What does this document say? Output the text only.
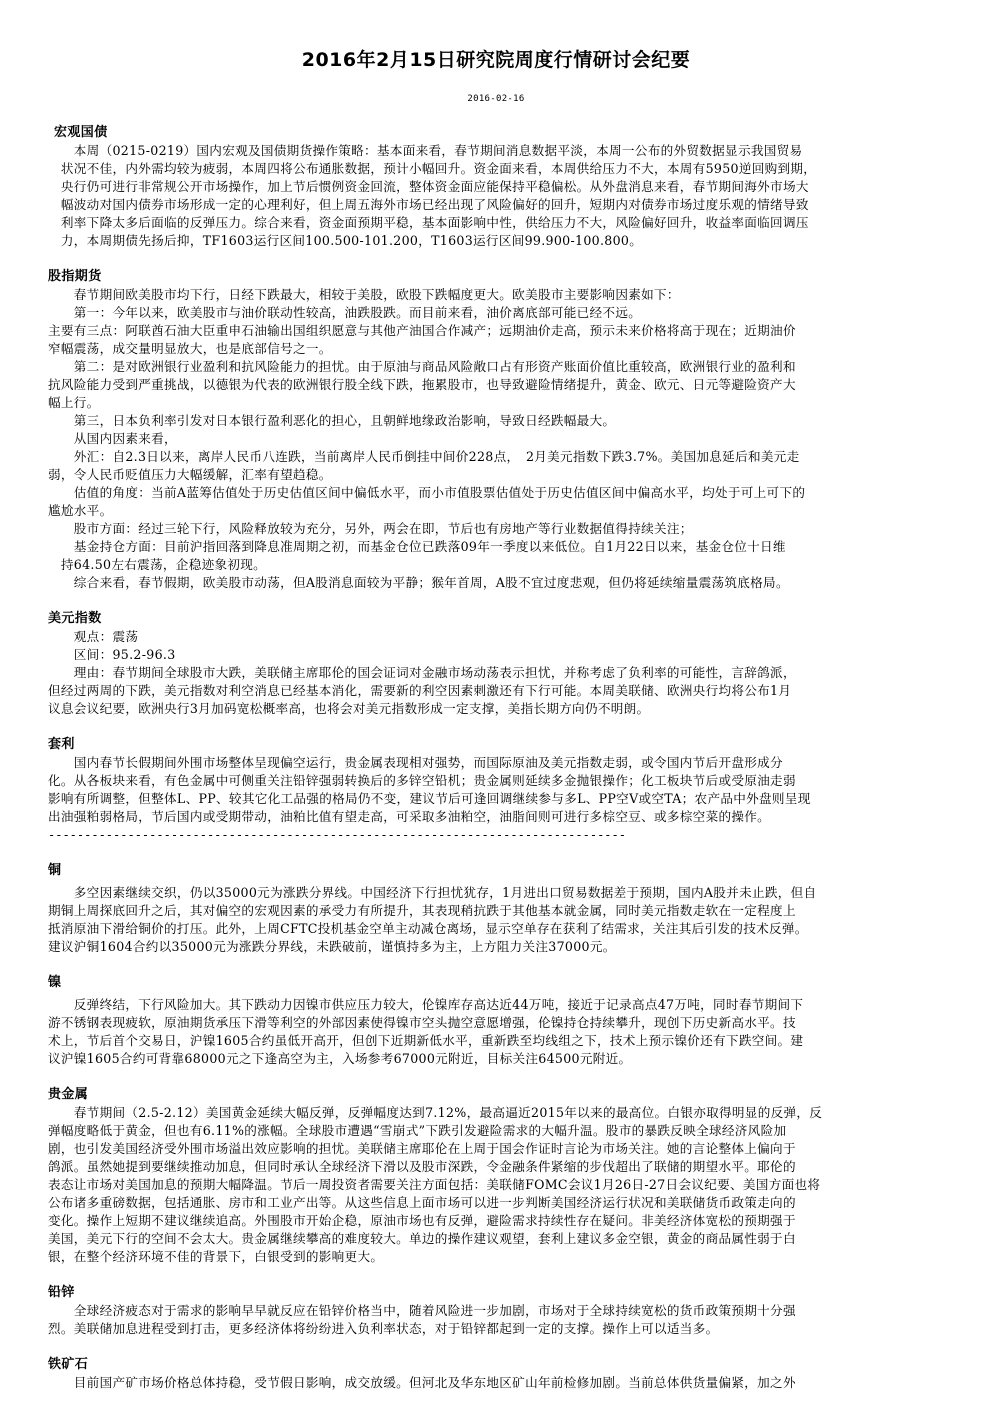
2016年2月15日研究院周度行情研讨会纪要
2016-02-16
宏观国债
　　本周（0215-0219）国内宏观及国债期货操作策略：基本面来看，春节期间消息数据平淡，本周一公布的外贸数据显示我国贸易
　状况不佳，内外需均较为疲弱，本周四将公布通胀数据，预计小幅回升。资金面来看，本周供给压力不大，本周有5950逆回购到期，
　央行仍可进行非常规公开市场操作，加上节后惯例资金回流，整体资金面应能保持平稳偏松。从外盘消息来看，春节期间海外市场大
　幅波动对国内债券市场形成一定的心理利好，但上周五海外市场已经出现了风险偏好的回升，短期内对债券市场过度乐观的情绪导致
　利率下降太多后面临的反弹压力。综合来看，资金面预期平稳，基本面影响中性，供给压力不大，风险偏好回升，收益率面临回调压
　力，本周期债先扬后抑，TF1603运行区间100.500-101.200，T1603运行区间99.900-100.800。
股指期货
　　春节期间欧美股市均下行，日经下跌最大，相较于美股，欧股下跌幅度更大。欧美股市主要影响因素如下：
　　第一：今年以来，欧美股市与油价联动性较高，油跌股跌。而目前来看，油价离底部可能已经不远。
主要有三点：阿联酋石油大臣重申石油输出国组织愿意与其他产油国合作减产；远期油价走高，预示未来价格将高于现在；近期油价
窄幅震荡，成交量明显放大，也是底部信号之一。
　　第二：是对欧洲银行业盈利和抗风险能力的担忧。由于原油与商品风险敞口占有形资产账面价值比重较高，欧洲银行业的盈利和
抗风险能力受到严重挑战，以德银为代表的欧洲银行股全线下跌，拖累股市，也导致避险情绪提升，黄金、欧元、日元等避险资产大
幅上行。
　　第三，日本负利率引发对日本银行盈利恶化的担心，且朝鲜地缘政治影响，导致日经跌幅最大。
　　从国内因素来看，
　　外汇：自2.3日以来，离岸人民币八连跌，当前离岸人民币倒挂中间价228点，　2月美元指数下跌3.7%。美国加息延后和美元走
弱，令人民币贬值压力大幅缓解，汇率有望趋稳。
　　估值的角度：当前A蓝筹估值处于历史估值区间中偏低水平，而小市值股票估值处于历史估值区间中偏高水平，均处于可上可下的
尴尬水平。
　　股市方面：经过三轮下行，风险释放较为充分，另外，两会在即，节后也有房地产等行业数据值得持续关注；
　　基金持仓方面：目前沪指回落到降息准周期之初，而基金仓位已跌落09年一季度以来低位。自1月22日以来，基金仓位十日维
　持64.50左右震荡，企稳迹象初现。
　　综合来看，春节假期，欧美股市动荡，但A股消息面较为平静；猴年首周，A股不宜过度悲观，但仍将延续缩量震荡筑底格局。
美元指数
　　观点：震荡
　　区间：95.2-96.3
　　理由：春节期间全球股市大跌，美联储主席耶伦的国会证词对金融市场动荡表示担忧，并称考虑了负利率的可能性，言辞鸽派，
但经过两周的下跌，美元指数对利空消息已经基本消化，需要新的利空因素刺激还有下行可能。本周美联储、欧洲央行均将公布1月
议息会议纪要，欧洲央行3月加码宽松概率高，也将会对美元指数形成一定支撑，美指长期方向仍不明朗。
套利
　　国内春节长假期间外围市场整体呈现偏空运行，贵金属表现相对强势，而国际原油及美元指数走弱，或令国内节后开盘形成分
化。从各板块来看，有色金属中可侧重关注铅锌强弱转换后的多锌空铅机；贵金属则延续多金抛银操作；化工板块节后或受原油走弱
影响有所调整，但整体L、PP、较其它化工品强的格局仍不变，建议节后可逢回调继续参与多L、PP空V或空TA；农产品中外盘则呈现
出油强粕弱格局，节后国内或受期带动，油粕比值有望走高，可采取多油粕空，油脂间则可进行多棕空豆、或多棕空菜的操作。
--------------------------------------------------------------------------------
铜
　　多空因素继续交织，仍以35000元为涨跌分界线。中国经济下行担忧犹存，1月进出口贸易数据差于预期，国内A股并未止跌，但自
期铜上周探底回升之后，其对偏空的宏观因素的承受力有所提升，其表现稍抗跌于其他基本就金属，同时美元指数走软在一定程度上
抵消原油下滑给铜价的打压。此外，上周CFTC投机基金空单主动减仓离场，显示空单存在获利了结需求，关注其后引发的技术反弹。
建议沪铜1604合约以35000元为涨跌分界线，未跌破前，谨慎持多为主，上方阻力关注37000元。
镍
　　反弹终结，下行风险加大。其下跌动力因镍市供应压力较大，伦镍库存高达近44万吨，接近于记录高点47万吨，同时春节期间下
游不锈钢表现疲软，原油期货承压下滑等利空的外部因素使得镍市空头抛空意愿增强，伦镍持仓持续攀升，现创下历史新高水平。技
术上，节后首个交易日，沪镍1605合约虽低开高开，但创下近期新低水平，重新跌至均线组之下，技术上预示镍价还有下跌空间。建
议沪镍1605合约可背靠68000元之下逢高空为主，入场参考67000元附近，目标关注64500元附近。
贵金属
　　春节期间（2.5-2.12）美国黄金延续大幅反弹，反弹幅度达到7.12%，最高逼近2015年以来的最高位。白银亦取得明显的反弹，反
弹幅度略低于黄金，但也有6.11%的涨幅。全球股市遭遇“雪崩式”下跌引发避险需求的大幅升温。股市的暴跌反映全球经济风险加
剧，也引发美国经济受外围市场溢出效应影响的担忧。美联储主席耶伦在上周于国会作证时言论为市场关注。她的言论整体上偏向于
鸽派。虽然她提到要继续推动加息，但同时承认全球经济下滑以及股市深跌，令金融条件紧缩的步伐超出了联储的期望水平。耶伦的
表态让市场对美国加息的预期大幅降温。节后一周投资者需要关注方面包括：美联储FOMC会议1月26日-27日会议纪要、美国方面也将
公布诸多重磅数据，包括通胀、房市和工业产出等。从这些信息上面市场可以进一步判断美国经济运行状况和美联储货币政策走向的
变化。操作上短期不建议继续追高。外围股市开始企稳，原油市场也有反弹，避险需求持续性存在疑问。非美经济体宽松的预期强于
美国，美元下行的空间不会太大。贵金属继续攀高的难度较大。单边的操作建议观望，套利上建议多金空银，黄金的商品属性弱于白
银，在整个经济环境不佳的背景下，白银受到的影响更大。
铅锌
　　全球经济疲态对于需求的影响早早就反应在铅锌价格当中，随着风险进一步加剧，市场对于全球持续宽松的货币政策预期十分强
烈。美联储加息进程受到打击，更多经济体将纷纷进入负利率状态，对于铅锌都起到一定的支撑。操作上可以适当多。
铁矿石
　　目前国产矿市场价格总体持稳，受节假日影响，成交放缓。但河北及华东地区矿山年前检修加剧。当前总体供货量偏紧，加之外
